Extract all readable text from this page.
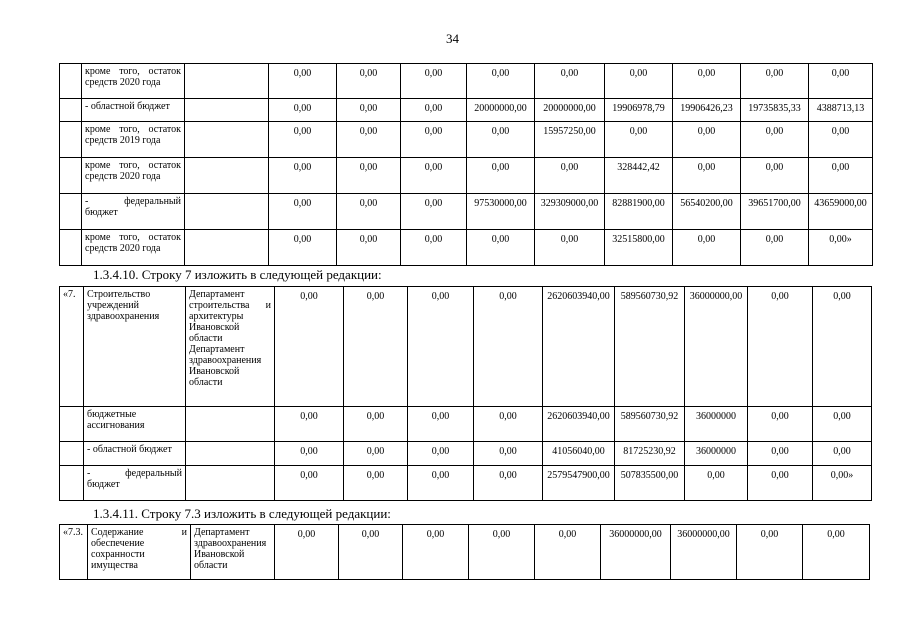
34
	кроме того, остаток средств 2020 года		0,00	0,00	0,00	0,00	0,00	0,00	0,00	0,00	0,00
	- областной бюджет		0,00	0,00	0,00	20000000,00	20000000,00	19906978,79	19906426,23	19735835,33	4388713,13
	кроме того, остаток средств 2019 года		0,00	0,00	0,00	0,00	15957250,00	0,00	0,00	0,00	0,00
	кроме того, остаток средств 2020 года		0,00	0,00	0,00	0,00	0,00	328442,42	0,00	0,00	0,00
	- федеральный бюджет		0,00	0,00	0,00	97530000,00	329309000,00	82881900,00	56540200,00	39651700,00	43659000,00
	кроме того, остаток средств 2020 года		0,00	0,00	0,00	0,00	0,00	32515800,00	0,00	0,00	0,00»
1.3.4.10. Строку 7 изложить в следующей редакции:
«7.	Строительство учреждений здравоохранения	Департамент строительства и архитектуры Ивановской области Департамент здравоохранения Ивановской области	0,00	0,00	0,00	0,00	2620603940,00	589560730,92	36000000,00	0,00	0,00
	бюджетные ассигнования		0,00	0,00	0,00	0,00	2620603940,00	589560730,92	36000000	0,00	0,00
	- областной бюджет		0,00	0,00	0,00	0,00	41056040,00	81725230,92	36000000	0,00	0,00
	- федеральный бюджет		0,00	0,00	0,00	0,00	2579547900,00	507835500,00	0,00	0,00	0,00»
1.3.4.11. Строку 7.3 изложить в следующей редакции:
«7.3.	Содержание и обеспечение сохранности имущества	Департамент здравоохранения Ивановской области	0,00	0,00	0,00	0,00	0,00	36000000,00	36000000,00	0,00	0,00
